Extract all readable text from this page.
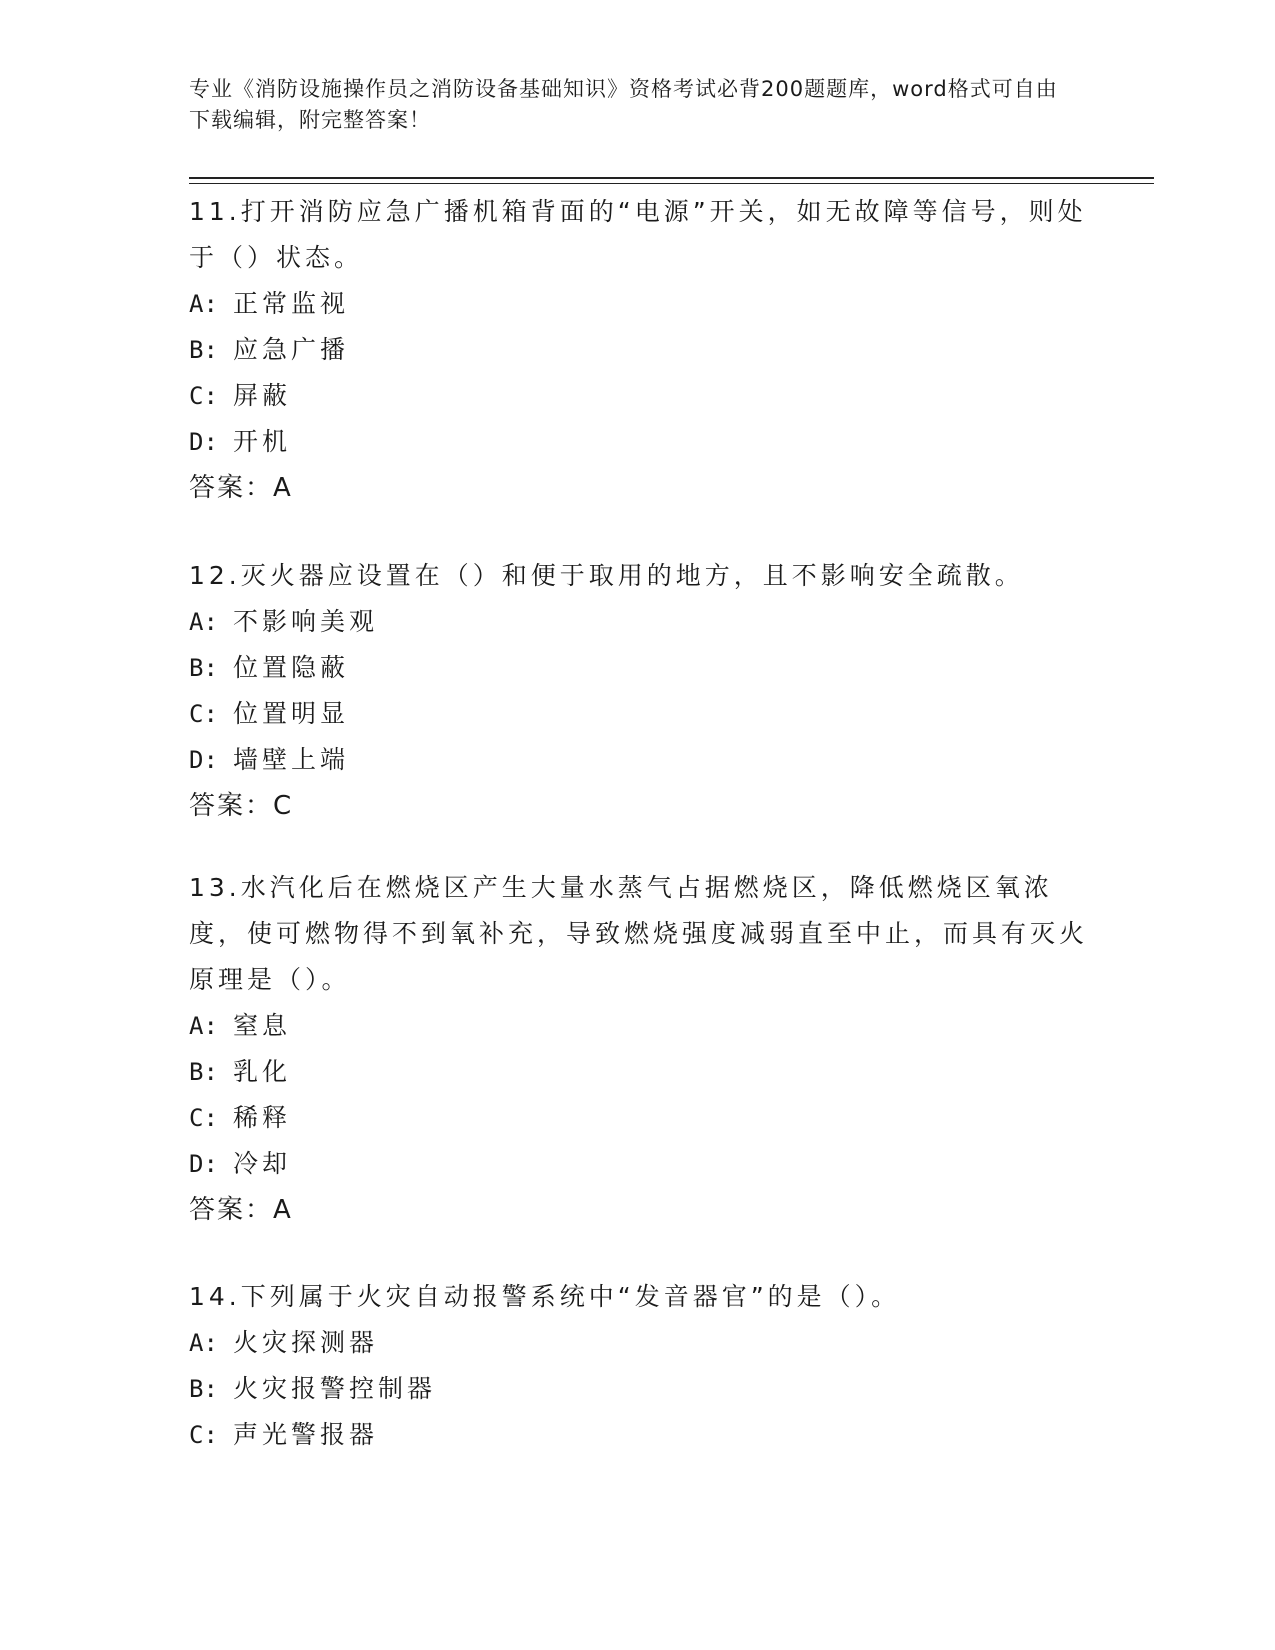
专业《消防设施操作员之消防设备基础知识》资格考试必背200题题库，word格式可自由下载编辑，附完整答案！

11.打开消防应急广播机箱背面的“电源”开关，如无故障等信号，则处于（）状态。

A: 正常监视
B: 应急广播
C: 屏蔽
D: 开机
答案：A

12.灭火器应设置在（）和便于取用的地方，且不影响安全疏散。

A: 不影响美观
B: 位置隐蔽
C: 位置明显
D: 墙壁上端
答案：C

13.水汽化后在燃烧区产生大量水蒸气占据燃烧区，降低燃烧区氧浓度，使可燃物得不到氧补充，导致燃烧强度减弱直至中止，而具有灭火原理是（）。

A: 窒息
B: 乳化
C: 稀释
D: 冷却
答案：A

14.下列属于火灾自动报警系统中“发音器官”的是（）。

A: 火灾探测器
B: 火灾报警控制器
C: 声光警报器
